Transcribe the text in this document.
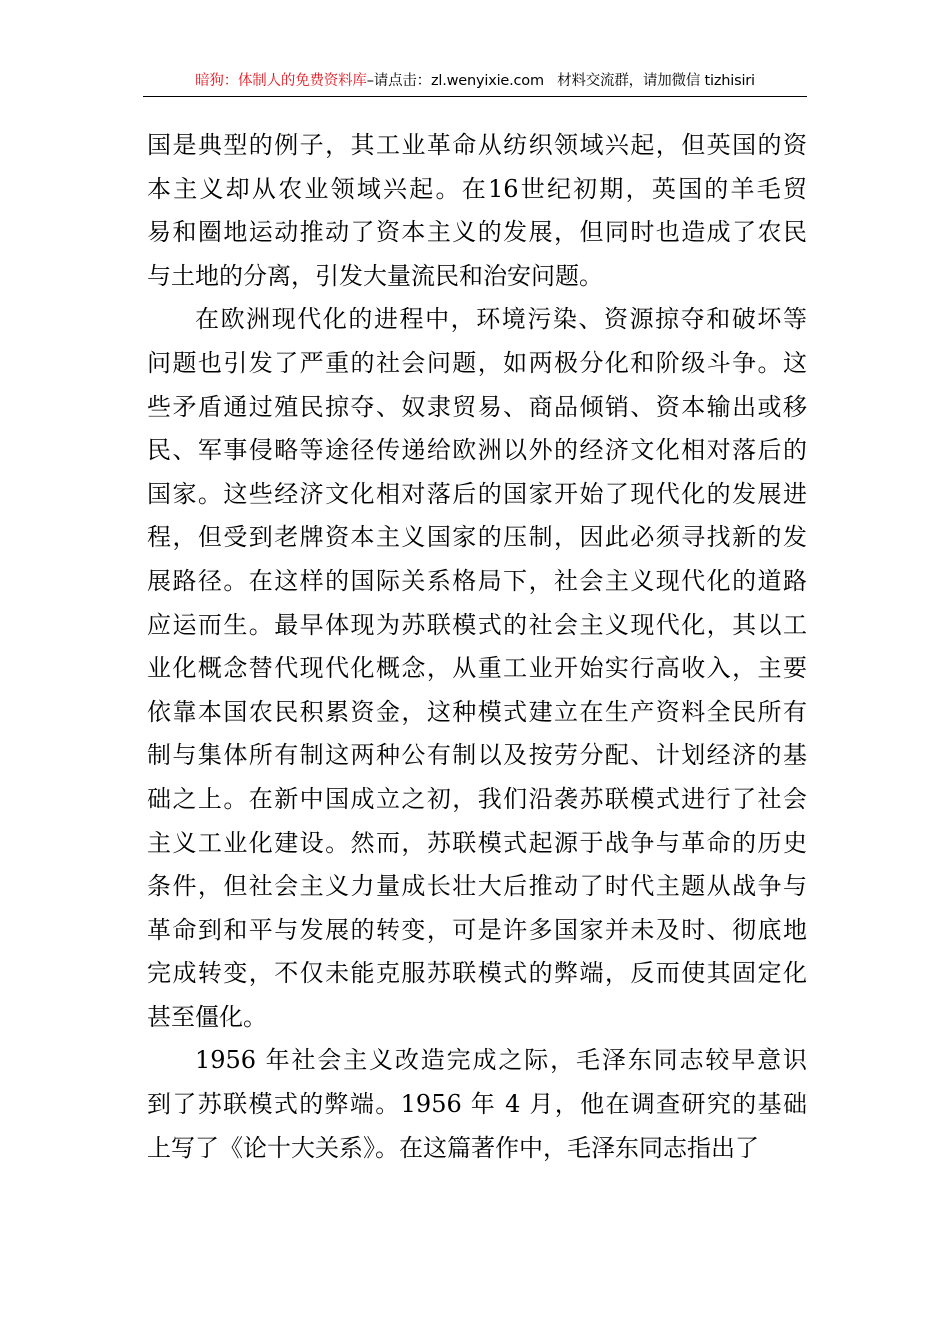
暗狗：体制人的免费资料库–请点击：zl.wenyixie.com 材料交流群，请加微信 tizhisiri
国是典型的例子，其工业革命从纺织领域兴起，但英国的资
本主义却从农业领域兴起。在16世纪初期，英国的羊毛贸
易和圈地运动推动了资本主义的发展，但同时也造成了农民
与土地的分离，引发大量流民和治安问题。
在欧洲现代化的进程中，环境污染、资源掠夺和破坏等
问题也引发了严重的社会问题，如两极分化和阶级斗争。这
些矛盾通过殖民掠夺、奴隶贸易、商品倾销、资本输出或移
民、军事侵略等途径传递给欧洲以外的经济文化相对落后的
国家。这些经济文化相对落后的国家开始了现代化的发展进
程，但受到老牌资本主义国家的压制，因此必须寻找新的发
展路径。在这样的国际关系格局下，社会主义现代化的道路
应运而生。最早体现为苏联模式的社会主义现代化，其以工
业化概念替代现代化概念，从重工业开始实行高收入，主要
依靠本国农民积累资金，这种模式建立在生产资料全民所有
制与集体所有制这两种公有制以及按劳分配、计划经济的基
础之上。在新中国成立之初，我们沿袭苏联模式进行了社会
主义工业化建设。然而，苏联模式起源于战争与革命的历史
条件，但社会主义力量成长壮大后推动了时代主题从战争与
革命到和平与发展的转变，可是许多国家并未及时、彻底地
完成转变，不仅未能克服苏联模式的弊端，反而使其固定化
甚至僵化。
1956 年社会主义改造完成之际，毛泽东同志较早意识
到了苏联模式的弊端。1956 年 4 月，他在调查研究的基础
上写了《论十大关系》。在这篇著作中，毛泽东同志指出了
